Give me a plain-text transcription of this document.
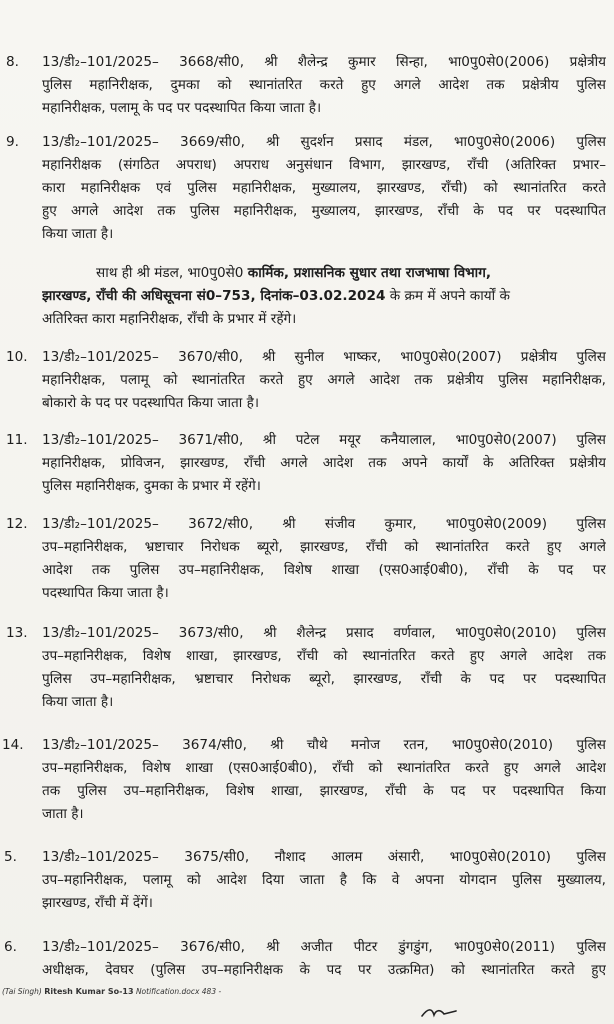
8.	13/डी₂–101/2025– 3668/सी0, श्री शैलेन्द्र कुमार सिन्हा, भा0पु0से0(2006) प्रक्षेत्रीय
पुलिस महानिरीक्षक, दुमका को स्थानांतरित करते हुए अगले आदेश तक प्रक्षेत्रीय पुलिस
महानिरीक्षक, पलामू के पद पर पदस्थापित किया जाता है।
9.	13/डी₂–101/2025– 3669/सी0, श्री सुदर्शन प्रसाद मंडल, भा0पु0से0(2006) पुलिस
महानिरीक्षक (संगठित अपराध) अपराध अनुसंधान विभाग, झारखण्ड, राँची (अतिरिक्त प्रभार–
कारा महानिरीक्षक एवं पुलिस महानिरीक्षक, मुख्यालय, झारखण्ड, राँची) को स्थानांतरित करते
हुए अगले आदेश तक पुलिस महानिरीक्षक, मुख्यालय, झारखण्ड, राँची के पद पर पदस्थापित
किया जाता है।
साथ ही श्री मंडल, भा0पु0से0 कार्मिक, प्रशासनिक सुधार तथा राजभाषा विभाग,
झारखण्ड, राँची की अधिसूचना सं0–753, दिनांक–03.02.2024 के क्रम में अपने कार्यों के
अतिरिक्त कारा महानिरीक्षक, राँची के प्रभार में रहेंगे।
10.	13/डी₂–101/2025– 3670/सी0, श्री सुनील भाष्कर, भा0पु0से0(2007) प्रक्षेत्रीय पुलिस
महानिरीक्षक, पलामू को स्थानांतरित करते हुए अगले आदेश तक प्रक्षेत्रीय पुलिस महानिरीक्षक,
बोकारो के पद पर पदस्थापित किया जाता है।
11.	13/डी₂–101/2025– 3671/सी0, श्री पटेल मयूर कनैयालाल, भा0पु0से0(2007) पुलिस
महानिरीक्षक, प्रोविजन, झारखण्ड, राँची अगले आदेश तक अपने कार्यों के अतिरिक्त प्रक्षेत्रीय
पुलिस महानिरीक्षक, दुमका के प्रभार में रहेंगे।
12.	13/डी₂–101/2025– 3672/सी0, श्री संजीव कुमार, भा0पु0से0(2009) पुलिस
उप–महानिरीक्षक, भ्रष्टाचार निरोधक ब्यूरो, झारखण्ड, राँची को स्थानांतरित करते हुए अगले
आदेश तक पुलिस उप–महानिरीक्षक, विशेष शाखा (एस0आई0बी0), राँची के पद पर
पदस्थापित किया जाता है।
13.	13/डी₂–101/2025– 3673/सी0, श्री शैलेन्द्र प्रसाद वर्णवाल, भा0पु0से0(2010) पुलिस
उप–महानिरीक्षक, विशेष शाखा, झारखण्ड, राँची को स्थानांतरित करते हुए अगले आदेश तक
पुलिस उप–महानिरीक्षक, भ्रष्टाचार निरोधक ब्यूरो, झारखण्ड, राँची के पद पर पदस्थापित
किया जाता है।
14.	13/डी₂–101/2025– 3674/सी0, श्री चौथे मनोज रतन, भा0पु0से0(2010) पुलिस
उप–महानिरीक्षक, विशेष शाखा (एस0आई0बी0), राँची को स्थानांतरित करते हुए अगले आदेश
तक पुलिस उप–महानिरीक्षक, विशेष शाखा, झारखण्ड, राँची के पद पर पदस्थापित किया
जाता है।
5.	13/डी₂–101/2025– 3675/सी0, नौशाद आलम अंसारी, भा0पु0से0(2010) पुलिस
उप–महानिरीक्षक, पलामू को आदेश दिया जाता है कि वे अपना योगदान पुलिस मुख्यालय,
झारखण्ड, राँची में देंगें।
6.	13/डी₂–101/2025– 3676/सी0, श्री अजीत पीटर डुंगडुंग, भा0पु0से0(2011) पुलिस
अधीक्षक, देवघर (पुलिस उप–महानिरीक्षक के पद पर उत्क्रमित) को स्थानांतरित करते हुए
(Tai Singh) Ritesh Kumar So-13 Notification.docx 483 -
